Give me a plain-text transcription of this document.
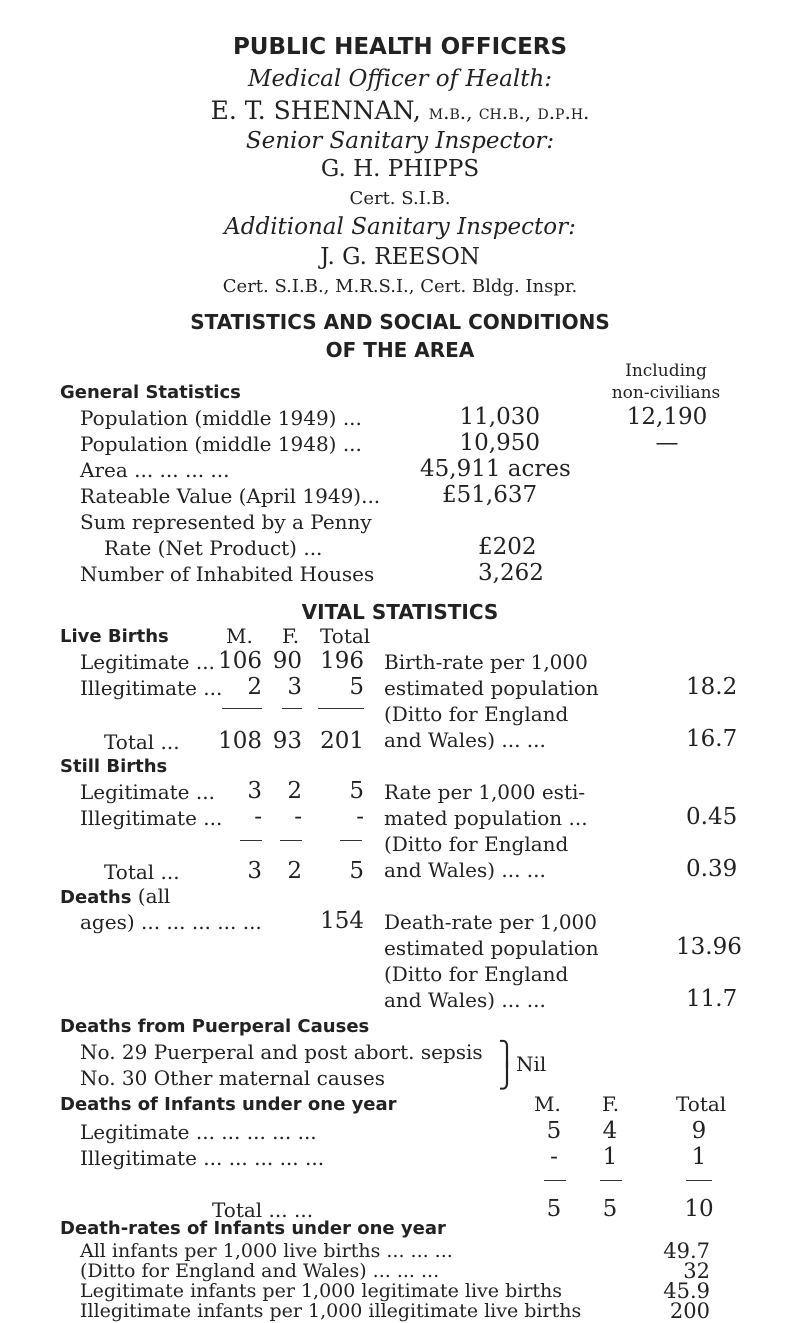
PUBLIC HEALTH OFFICERS
Medical Officer of Health:
E. T. SHENNAN, m.b., ch.b., d.p.h.
Senior Sanitary Inspector:
G. H. PHIPPS
Cert. S.I.B.
Additional Sanitary Inspector:
J. G. REESON
Cert. S.I.B., M.R.S.I., Cert. Bldg. Inspr.
STATISTICS AND SOCIAL CONDITIONS
OF THE AREA
Including
General Statistics	non-civilians
Population (middle 1949) ...	11,030	12,190
Population (middle 1948) ...	10,950	—
Area ... ... ... ...	45,911 acres
Rateable Value (April 1949)...	£51,637
Sum represented by a Penny
Rate (Net Product) ...	£202
Number of Inhabited Houses	3,262
VITAL STATISTICS
Live Births	M. F. Total
Legitimate ... 106 90 196
Illegitimate ...	2	3	5
Total ... 108 93 201
Birth-rate per 1,000
estimated population	18.2
(Ditto for England
and Wales) ... ...	16.7
Still Births
Legitimate ...	3	2	5
Illegitimate ...	-	-	-
Total ...	3	2	5
Rate per 1,000 esti-
mated population ...	0.45
(Ditto for England
and Wales) ... ...	0.39
Deaths (all
ages) ... ... ... ... ...	154 Death-rate per 1,000
estimated population	13.96
(Ditto for England
and Wales) ... ...	11.7
Deaths from Puerperal Causes
No. 29 Puerperal and post abort. sepsis
No. 30 Other maternal causes
⎫
⎭ Nil
Deaths of Infants under one year	M. F.	Total
Legitimate ... ... ... ... ...	5 4	9
Illegitimate ... ... ... ... ...	-	1	1
Total ... ...	5 5	10
Death-rates of Infants under one year
All infants per 1,000 live births ... ... ...	49.7
(Ditto for England and Wales) ... ... ...	32
Legitimate infants per 1,000 legitimate live births	45.9
Illegitimate infants per 1,000 illegitimate live births	200
